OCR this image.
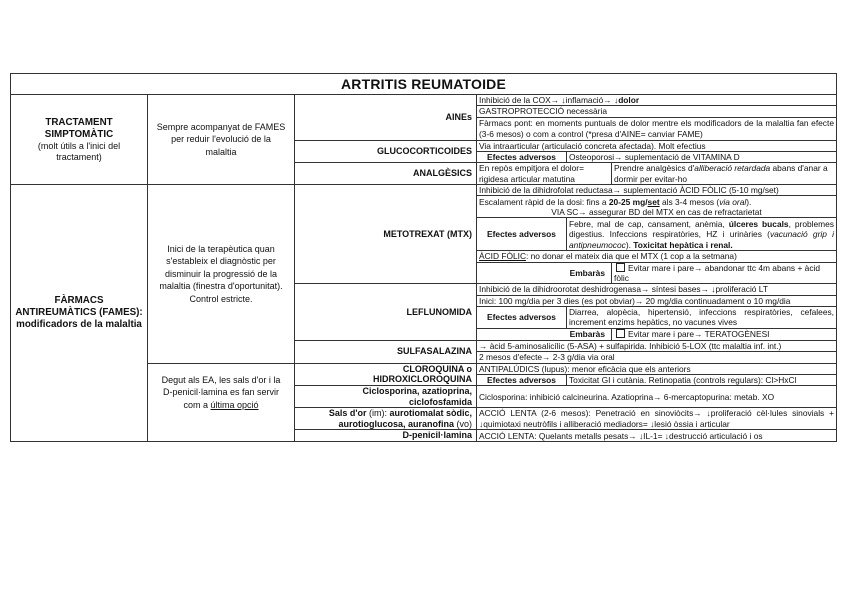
ARTRITIS REUMATOIDE					

TRACTAMENT SIMPTOMÀTIC
(molt útils a l'inici del tractament)	Sempre acompanyat de FAMES per reduir l'evolució de la malaltia	AINEs	Inhibició de la COX→ ↓inflamació→ ↓dolor		
			GASTROPROTECCIÓ necessària		
			Fàrmacs pont: en moments puntuals de dolor mentre els modificadors de la malaltia fan efecte (3-6 mesos) o com a control (*presa d'AINE= canviar FAME)		
		GLUCOCORTICOIDES	Via intraarticular (articulació concreta afectada). Molt efectius		
			Efectes adversos	Osteoporosi→ suplementació de VITAMINA D	
		ANALGÈSICS	En repòs empitjora el dolor= rigidesa articular matutina		Prendre analgèsics d'alliberació retardada abans d'anar a dormir per evitar-ho

FÀRMACS ANTIREUMÀTICS (FAMES): modificadors de la malaltia	Inici de la terapèutica quan s'estableix el diagnòstic per disminuir la progressió de la malaltia (finestra d'oportunitat). Control estricte.	METOTREXAT (MTX)	Inhibició de la dihidrofolat reductasa→ suplementació ÀCID FÒLIC (5-10 mg/set)		

			Escalament ràpid de la dosi: fins a 20-25 mg/set als 3-4 mesos (via oral).
VIA SC→ assegurar BD del MTX en cas de refractarietat		

			Efectes adversos	Febre, mal de cap, cansament, anèmia, úlceres bucals, problemes digestius. Infeccions respiratòries, HZ i urinàries (vacunació grip i antipneumococ). Toxicitat hepàtica i renal.	

			ÀCID FÒLIC: no donar el mateix dia que el MTX (1 cop a la setmana)		
			Embaràs		Evitar mare i pare→ abandonar ttc 4m abans + àcid fòlic

		LEFLUNOMIDA	Inhibició de la dihidroorotat deshidrogenasa→ síntesi bases→ ↓proliferació LT		
			Inici: 100 mg/dia per 3 dies (es pot obviar)→ 20 mg/dia continuadament o 10 mg/dia		
			Efectes adversos	Diarrea, alopècia, hipertensió, infeccions respiratòries, cefalees, increment enzims hepàtics, no vacunes vives	

			Embaràs		Evitar mare i pare→ TERATOGÈNESI
		SULFASALAZINA	→ àcid 5-aminosalicílic (5-ASA) + sulfapirida. Inhibició 5-LOX (ttc malaltia inf. int.)		
			2 mesos d'efecte→ 2-3 g/dia via oral		
	Degut als EA, les sals d'or i la D-penicil·lamina es fan servir com a última opció	CLOROQUINA o
HIDROXICLOROQUINA	ANTIPALÚDICS (lupus): menor eficàcia que els anteriors		
			Efectes adversos	Toxicitat GI i cutània. Retinopatia (controls regulars): Cl>HxCl	

		Ciclosporina, azatioprina,
ciclofosfamida	Ciclosporina: inhibició calcineurina. Azatioprina→ 6-mercaptopurina: metab. XO		

		Sals d'or (im): aurotiomalat sòdic,
aurotioglucosa, auranofina (vo)	ACCIÓ LENTA (2-6 mesos): Penetració en sinoviòcits→ ↓proliferació cèl·lules sinovials + ↓quimiotaxi neutròfils i alliberació mediadors= ↓lesió òssia i articular		

		D-penicil·lamina	ACCIÓ LENTA: Quelants metalls pesats→ ↓IL-1= ↓destrucció articulació i os		
